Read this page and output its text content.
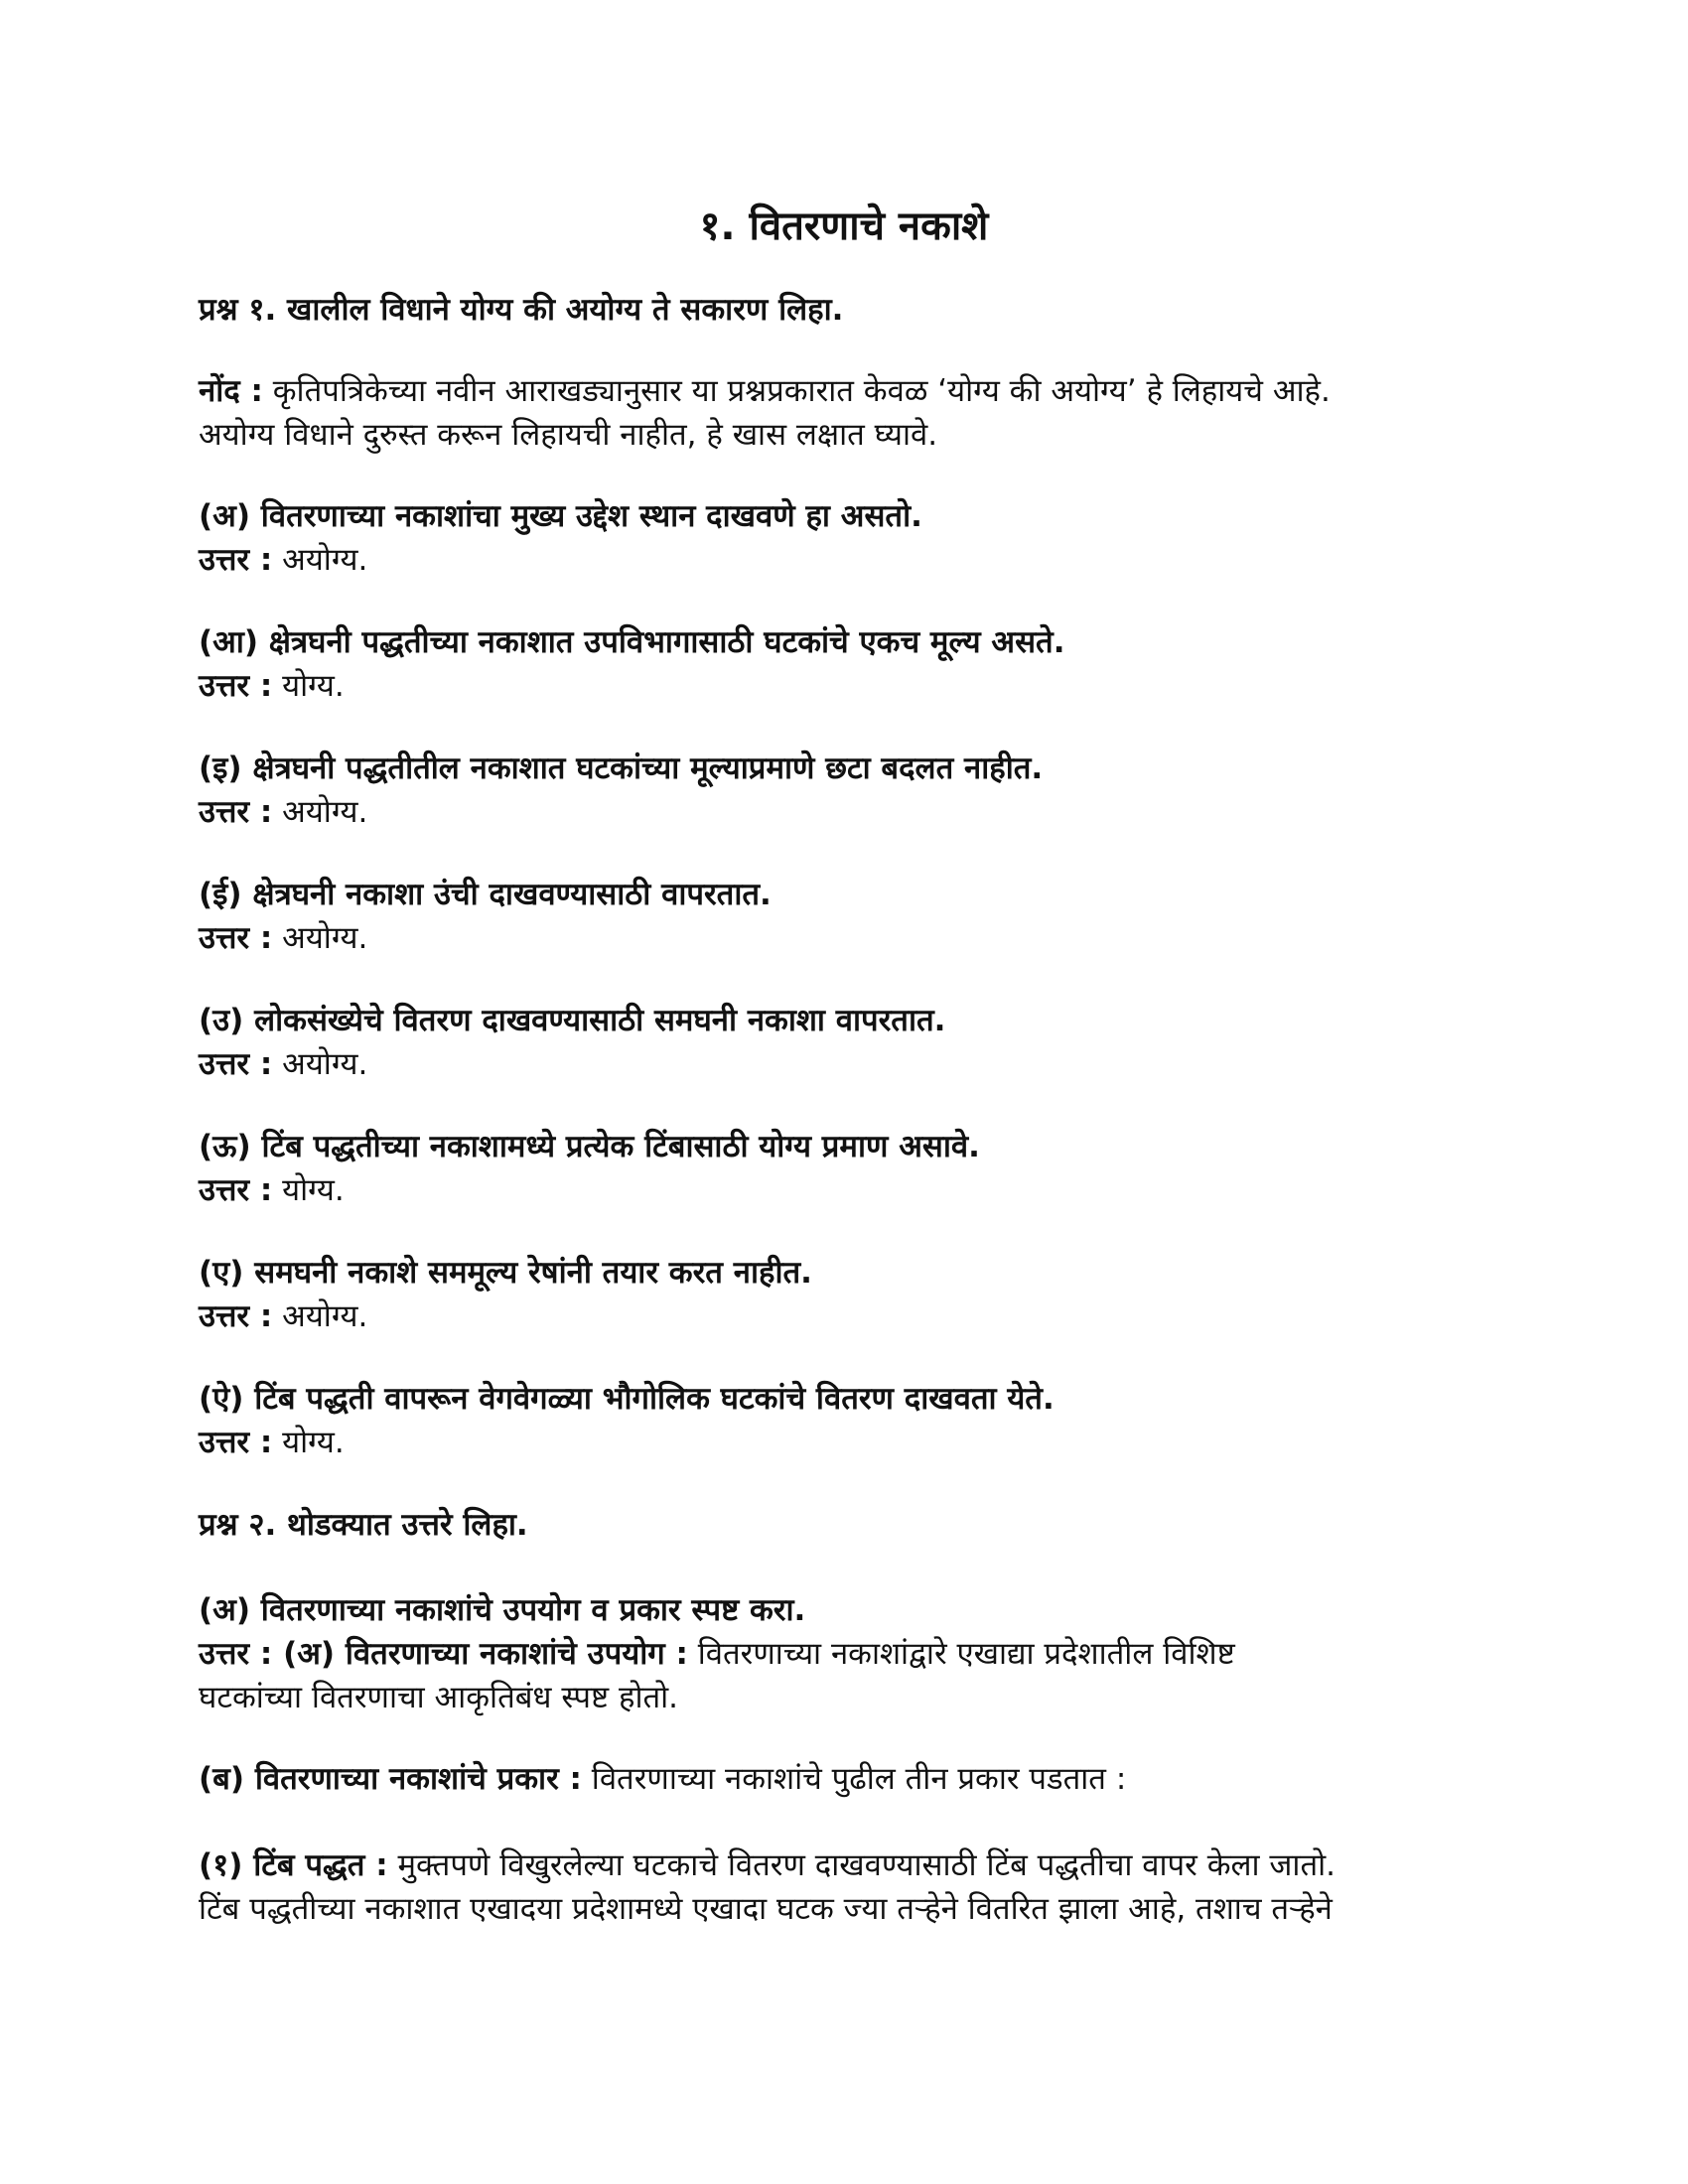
१. वितरणाचे नकाशे

प्रश्न १. खालील विधाने योग्य की अयोग्य ते सकारण लिहा.

नोंद : कृतिपत्रिकेच्या नवीन आराखड्यानुसार या प्रश्नप्रकारात केवळ ‘योग्य की अयोग्य’ हे लिहायचे आहे.

अयोग्य विधाने दुरुस्त करून लिहायची नाहीत, हे खास लक्षात घ्यावे.

(अ) वितरणाच्या नकाशांचा मुख्य उद्देश स्थान दाखवणे हा असतो.

उत्तर : अयोग्य.

(आ) क्षेत्रघनी पद्धतीच्या नकाशात उपविभागासाठी घटकांचे एकच मूल्य असते.

उत्तर : योग्य.

(इ) क्षेत्रघनी पद्धतीतील नकाशात घटकांच्या मूल्याप्रमाणे छटा बदलत नाहीत.

उत्तर : अयोग्य.

(ई) क्षेत्रघनी नकाशा उंची दाखवण्यासाठी वापरतात.

उत्तर : अयोग्य.

(उ) लोकसंख्येचे वितरण दाखवण्यासाठी समघनी नकाशा वापरतात.

उत्तर : अयोग्य.

(ऊ) टिंब पद्धतीच्या नकाशामध्ये प्रत्येक टिंबासाठी योग्य प्रमाण असावे.

उत्तर : योग्य.

(ए) समघनी नकाशे सममूल्य रेषांनी तयार करत नाहीत.

उत्तर : अयोग्य.

(ऐ) टिंब पद्धती वापरून वेगवेगळ्या भौगोलिक घटकांचे वितरण दाखवता येते.

उत्तर : योग्य.

प्रश्न २. थोडक्यात उत्तरे लिहा.

(अ) वितरणाच्या नकाशांचे उपयोग व प्रकार स्पष्ट करा.

उत्तर : (अ) वितरणाच्या नकाशांचे उपयोग : वितरणाच्या नकाशांद्वारे एखाद्या प्रदेशातील विशिष्ट

घटकांच्या वितरणाचा आकृतिबंध स्पष्ट होतो.

(ब) वितरणाच्या नकाशांचे प्रकार : वितरणाच्या नकाशांचे पुढील तीन प्रकार पडतात :

(१) टिंब पद्धत : मुक्तपणे विखुरलेल्या घटकाचे वितरण दाखवण्यासाठी टिंब पद्धतीचा वापर केला जातो.

टिंब पद्धतीच्या नकाशात एखादया प्रदेशामध्ये एखादा घटक ज्या तऱ्हेने वितरित झाला आहे, तशाच तऱ्हेने
